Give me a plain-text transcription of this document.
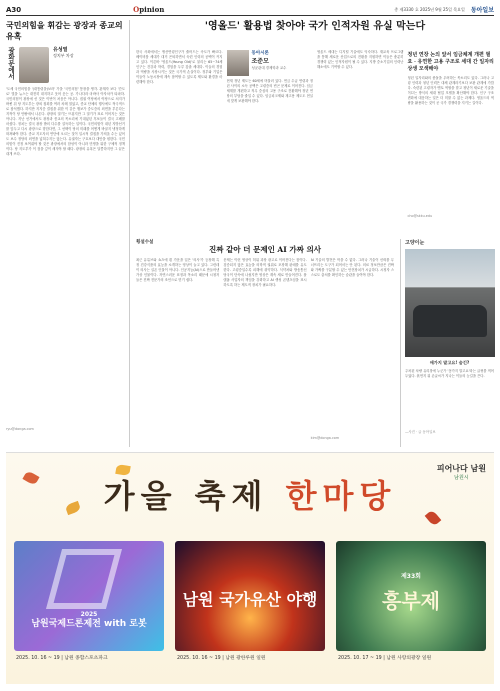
A30	Opinion	총 제3330 호 2025년 9월 25일 목요일 동아일보
국민의힘을 휘감는 광장과 종교의 유혹
광화문에서	유성열
정치부 차장
'도세 국민의힘을 '(대통령을)보러' 가을 '국민의힘' 통장을 생각. 관계자 보다 '간도로' 빛을 뉴스는 대전히 대지하고 웃어 웃는 공. 가나다라 마바사 아자차카 타파하. 국민의힘이 광장에 선 것은 이번이 처음은 아니다. 집권 여당에서 야당으로 처지가 바뀐 뒤 당 지도부는 장외 집회를 여러 차례 열었고, 종교 단체의 행사에도 적극적으로 참석했다. 하지만 지지층 결집을 위한 이 같은 행보가 중도층의 외면을 부른다는 지적이 당 안팎에서 나온다. 광장의 열기는 뜨겁지만 그 열기가 표로 이어지는 것은 아니다. 지난 선거에서도 광장과 종교의 목소리에 기대었던 후보들이 결국 고배를 마셨다. 정치는 결국 광장 밖의 다수를 설득하는 일이다. 국민의힘이 내년 지방선거를 앞두고 다시 광장으로 향한다면, 그 선택이 당의 미래를 어떻게 바꿀지 냉정하게 따져봐야 한다. 종교 지도자의 연단에 오르는 것이 일시적 결집을 가져올 수는 있어도 보수 정당의 외연을 넓혀주지는 않는다. 유권자는 구호보다 대안을 원한다. 국민의힘이 진정 보여줘야 할 것은 광장에서의 함성이 아니라 민생을 위한 구체적 정책이다. 당 지도부가 이 점을 깊이 새겨야 할 때다. 광장의 유혹은 달콤하지만 그 끝은 대개 쓰다.
ryu@donga.com
'영올드' 활용법 찾아야 국가 인적자원 유실 막는다
한국 사회에서는 생산연령인구가 줄어드는 속도가 빠르다. 베이비붐 세대가 대거 은퇴하면서 숙련 인력의 공백이 커지고 있다. 이른바 '영올드(Young Old)'로 불리는 65~74세 인구는 건강과 학력, 경험을 두루 갖춘 세대다. 이들의 경험과 역량을 사장시키는 것은 국가적 손실이다. 정부와 기업은 이들이 노동시장에 계속 참여할 수 있도록 제도와 환경을 마련해야 한다.
동아시론
조준모
성균관대 경제학과 교수
현재 정년 제도는 60세에 머물러 있다. 연금 수급 연령과 정년 사이의 소득 공백은 고령층의 빈곤 문제로 이어진다. 임금 체계를 개편하고 직무 중심의 고용 구조로 전환해야 정년 연장의 부담을 줄일 수 있다. 임금피크제와 재고용 제도도 현실에 맞게 보완해야 한다.
영올드 세대는 디지털 기술에도 익숙하다. 재교육 프로그램을 통해 새로운 산업으로의 전환을 지원하면 이들은 충분히 경쟁력 있는 인적자원이 될 수 있다. 지방 중소기업의 인력난 해소에도 기여할 수 있다.
정년 연장 논의 앞서 임금체계 개편 필요 · 유연한 고용 구조로 세대 간 일자리 상생 모색해야
청년 일자리와의 충돌을 우려하는 목소리도 있다. 그러나 고령 인력과 청년 인력은 대체 관계라기보다 보완 관계에 가깝다. 숙련된 고령자가 멘토 역할을 맡고 청년이 새로운 기술을 이끄는 방식의 세대 협업 모델을 확산해야 한다. 인구 구조 변화에 대응하는 일은 더 미룰 수 없는 과제다. 영올드의 역량을 활용하는 것이 곧 국가 경쟁력을 지키는 길이다.
cho@skku.edu
횡설수설
진짜 같아 더 문제인 AI 가짜 의사
최근 유튜브와 쇼츠에 흰 가운을 입은 '의사'가 등장해 특정 건강식품의 효능을 소개하는 영상이 늘고 있다. 그런데 이 의사는 실존 인물이 아니다. 인공지능(AI)으로 만들어낸 가상 인물이다. 자연스러운 표정과 목소리 때문에 시청자들은 진짜 전문가의 조언으로 믿기 쉽다.
문제는 이런 영상이 허위 과장 광고로 이어진다는 점이다. 검증되지 않은 효능을 의학적 권위로 포장해 판매를 유도한다. 고령층일수록 피해에 취약하다. 식약처와 방송통신 당국이 단속에 나섰지만 영상은 계속 새로 만들어진다. 플랫폼 사업자의 책임을 강화하고 AI 생성 콘텐츠임을 표시하도록 하는 제도적 장치가 필요하다.
AI 기술의 발전은 막을 수 없다. 그러나 기술이 신뢰를 무너뜨리는 도구가 되어서는 안 된다. 의료 정보만큼은 진짜와 가짜를 구분할 수 있는 안전장치가 시급하다. 시청자 스스로도 출처를 확인하는 습관을 들여야 한다.
kim@donga.com
고양이눈
애가지 말고요! 숨긴?
주차된 차량 유리창에 누군가 '꽁가지 말고요'라는 글귀를 적어 두었다. 흙먼지 위 손글씨가 지나는 이들의 눈길을 끈다.
—사진 · 글 동아일보
피어나다 남원
남원시
가을 축제 한마당
2025
남원국제드론제전 with 로봇
남원 국가유산 야행
제33회
흥부제
2025. 10. 16 ~ 19 | 남원 종합스포츠파크	2025. 10. 16 ~ 19 | 남원 광한루원 일원	2025. 10. 17 ~ 19 | 남원 사랑의광장 일원
